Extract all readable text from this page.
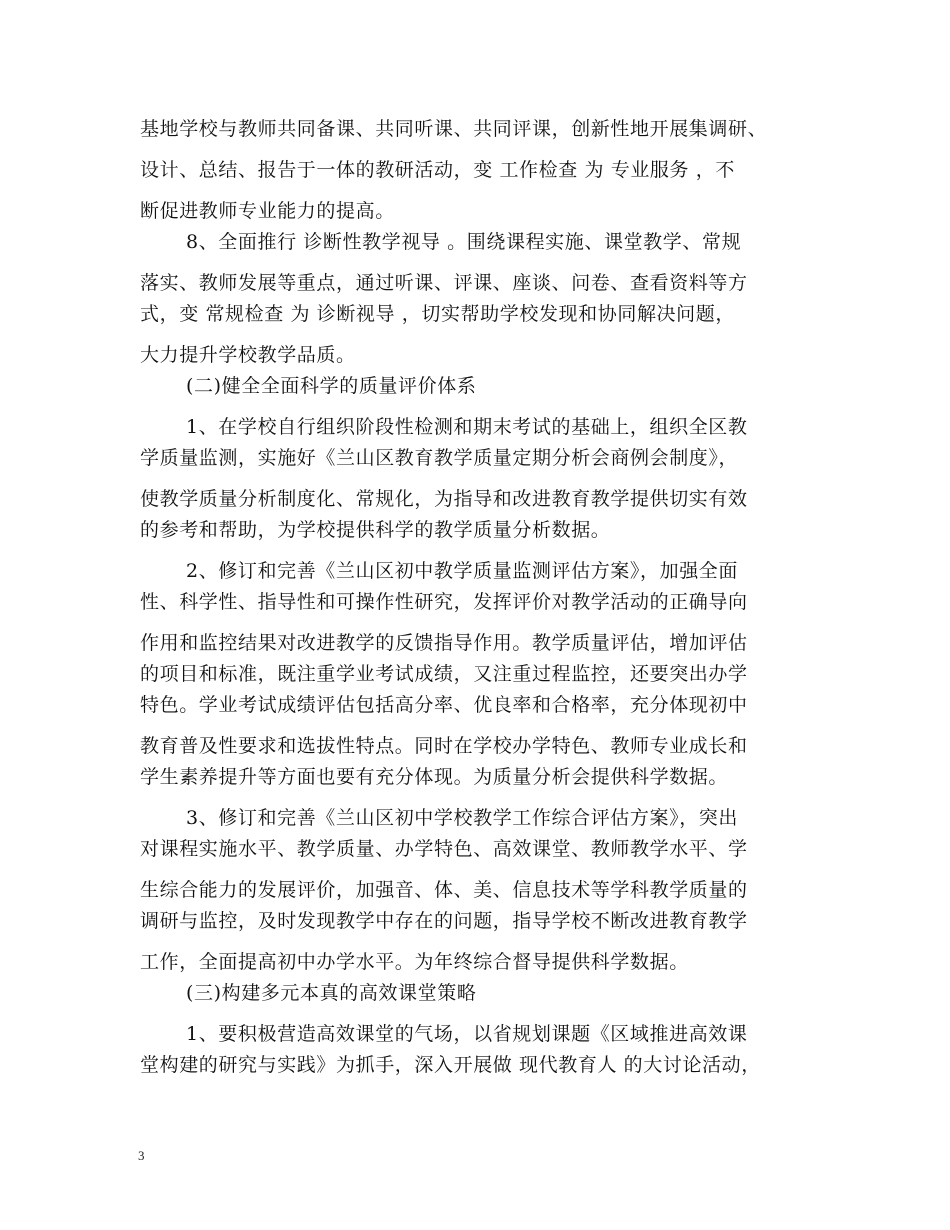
基地学校与教师共同备课、共同听课、共同评课，创新性地开展集调研、
设计、总结、报告于一体的教研活动，变 工作检查 为 专业服务 ，不
断促进教师专业能力的提高。
8、全面推行 诊断性教学视导 。围绕课程实施、课堂教学、常规
落实、教师发展等重点，通过听课、评课、座谈、问卷、查看资料等方
式，变 常规检查 为 诊断视导 ，切实帮助学校发现和协同解决问题，
大力提升学校教学品质。
(二)健全全面科学的质量评价体系
1、在学校自行组织阶段性检测和期末考试的基础上，组织全区教
学质量监测，实施好《兰山区教育教学质量定期分析会商例会制度》，
使教学质量分析制度化、常规化，为指导和改进教育教学提供切实有效
的参考和帮助，为学校提供科学的教学质量分析数据。
2、修订和完善《兰山区初中教学质量监测评估方案》，加强全面
性、科学性、指导性和可操作性研究，发挥评价对教学活动的正确导向
作用和监控结果对改进教学的反馈指导作用。教学质量评估，增加评估
的项目和标准，既注重学业考试成绩，又注重过程监控，还要突出办学
特色。学业考试成绩评估包括高分率、优良率和合格率，充分体现初中
教育普及性要求和选拔性特点。同时在学校办学特色、教师专业成长和
学生素养提升等方面也要有充分体现。为质量分析会提供科学数据。
3、修订和完善《兰山区初中学校教学工作综合评估方案》，突出
对课程实施水平、教学质量、办学特色、高效课堂、教师教学水平、学
生综合能力的发展评价，加强音、体、美、信息技术等学科教学质量的
调研与监控，及时发现教学中存在的问题，指导学校不断改进教育教学
工作，全面提高初中办学水平。为年终综合督导提供科学数据。
(三)构建多元本真的高效课堂策略
1、要积极营造高效课堂的气场，以省规划课题《区域推进高效课
堂构建的研究与实践》为抓手，深入开展做 现代教育人 的大讨论活动，
3
